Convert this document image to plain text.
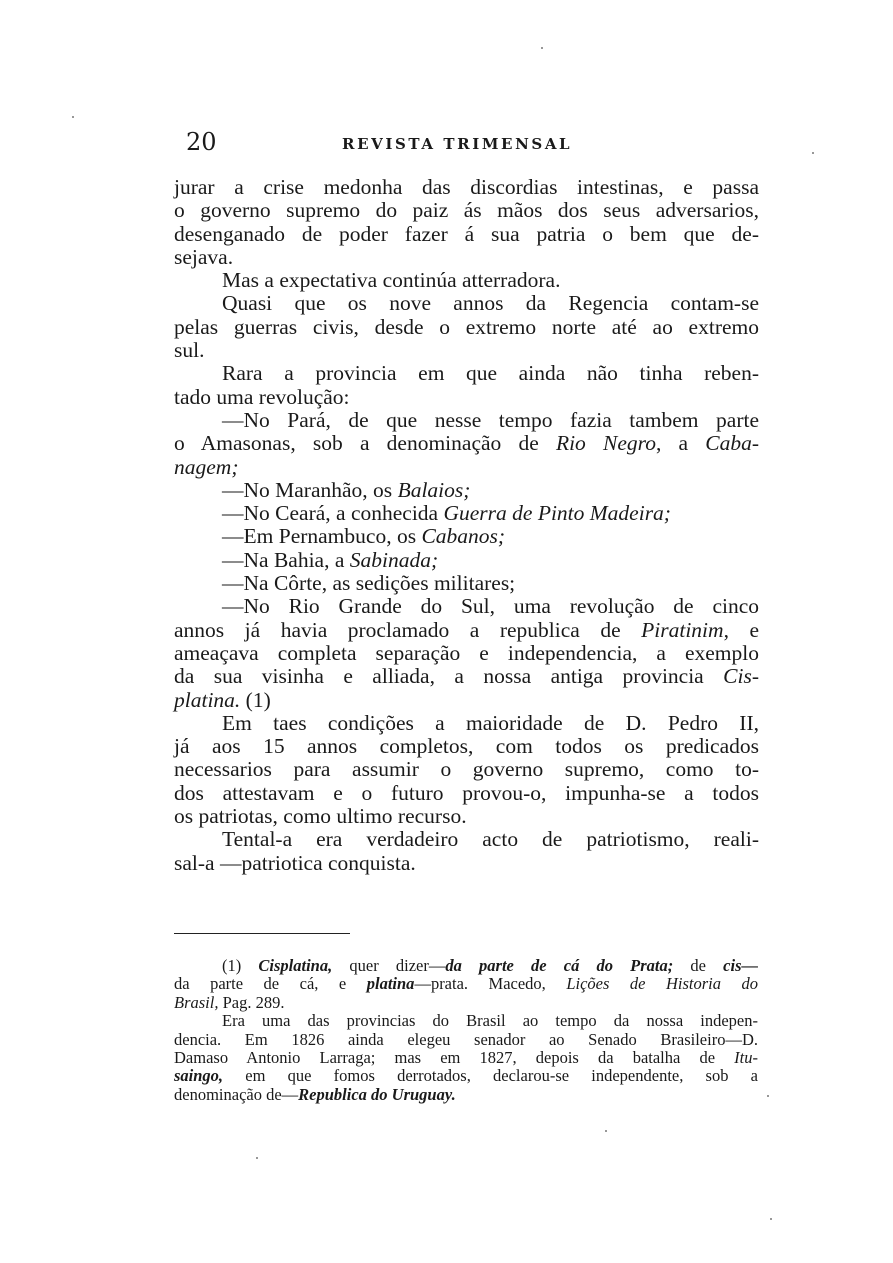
20	REVISTA TRIMENSAL
jurar a crise medonha das discordias intestinas, e passa
o governo supremo do paiz ás mãos dos seus adversarios,
desenganado de poder fazer á sua patria o bem que de-
sejava.
Mas a expectativa continúa atterradora.
Quasi que os nove annos da Regencia contam-se
pelas guerras civis, desde o extremo norte até ao extremo
sul.
Rara a provincia em que ainda não tinha reben-
tado uma revolução:
—No Pará, de que nesse tempo fazia tambem parte
o Amasonas, sob a denominação de Rio Negro, a Caba-
nagem;
—No Maranhão, os Balaios;
—No Ceará, a conhecida Guerra de Pinto Madeira;
—Em Pernambuco, os Cabanos;
—Na Bahia, a Sabinada;
—Na Côrte, as sedições militares;
—No Rio Grande do Sul, uma revolução de cinco
annos já havia proclamado a republica de Piratinim, e
ameaçava completa separação e independencia, a exemplo
da sua visinha e alliada, a nossa antiga provincia Cis-
platina. (1)
Em taes condições a maioridade de D. Pedro II,
já aos 15 annos completos, com todos os predicados
necessarios para assumir o governo supremo, como to-
dos attestavam e o futuro provou-o, impunha-se a todos
os patriotas, como ultimo recurso.
Tental-a era verdadeiro acto de patriotismo, reali-
sal-a —patriotica conquista.
(1) Cisplatina, quer dizer—da parte de cá do Prata; de cis—
da parte de cá, e platina—prata. Macedo, Lições de Historia do
Brasil, Pag. 289.
Era uma das provincias do Brasil ao tempo da nossa indepen-
dencia. Em 1826 ainda elegeu senador ao Senado Brasileiro—D.
Damaso Antonio Larraga; mas em 1827, depois da batalha de Itu-
saingo, em que fomos derrotados, declarou-se independente, sob a
denominação de—Republica do Uruguay.
